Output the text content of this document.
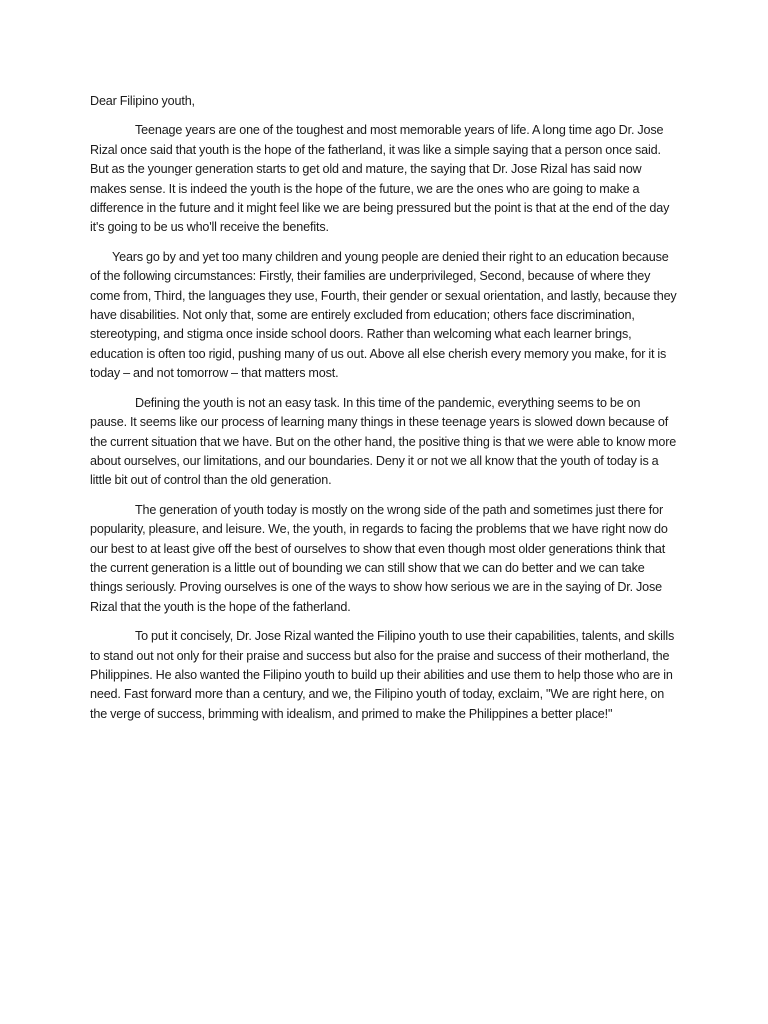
Dear Filipino youth,

Teenage years are one of the toughest and most memorable years of life. A long time ago Dr. Jose Rizal once said that youth is the hope of the fatherland, it was like a simple saying that a person once said. But as the younger generation starts to get old and mature, the saying that Dr. Jose Rizal has said now makes sense. It is indeed the youth is the hope of the future, we are the ones who are going to make a difference in the future and it might feel like we are being pressured but the point is that at the end of the day it's going to be us who'll receive the benefits.

Years go by and yet too many children and young people are denied their right to an education because of the following circumstances: Firstly, their families are underprivileged, Second, because of where they come from, Third, the languages they use, Fourth, their gender or sexual orientation, and lastly, because they have disabilities. Not only that, some are entirely excluded from education; others face discrimination, stereotyping, and stigma once inside school doors. Rather than welcoming what each learner brings, education is often too rigid, pushing many of us out. Above all else cherish every memory you make, for it is today – and not tomorrow – that matters most.

Defining the youth is not an easy task. In this time of the pandemic, everything seems to be on pause. It seems like our process of learning many things in these teenage years is slowed down because of the current situation that we have. But on the other hand, the positive thing is that we were able to know more about ourselves, our limitations, and our boundaries. Deny it or not we all know that the youth of today is a little bit out of control than the old generation.

The generation of youth today is mostly on the wrong side of the path and sometimes just there for popularity, pleasure, and leisure. We, the youth, in regards to facing the problems that we have right now do our best to at least give off the best of ourselves to show that even though most older generations think that the current generation is a little out of bounding we can still show that we can do better and we can take things seriously. Proving ourselves is one of the ways to show how serious we are in the saying of Dr. Jose Rizal that the youth is the hope of the fatherland.

To put it concisely, Dr. Jose Rizal wanted the Filipino youth to use their capabilities, talents, and skills to stand out not only for their praise and success but also for the praise and success of their motherland, the Philippines. He also wanted the Filipino youth to build up their abilities and use them to help those who are in need. Fast forward more than a century, and we, the Filipino youth of today, exclaim, "We are right here, on the verge of success, brimming with idealism, and primed to make the Philippines a better place!"
